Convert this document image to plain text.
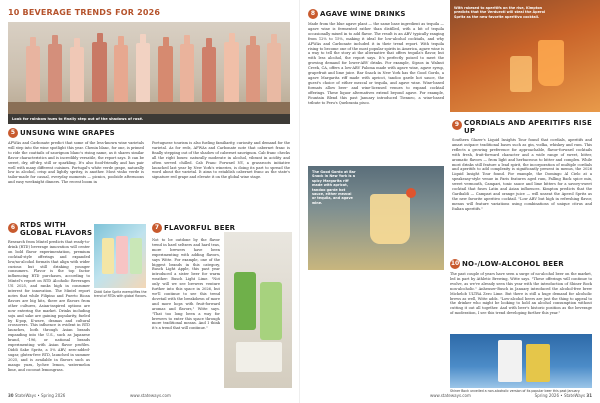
10 BEVERAGE TRENDS FOR 2026
Look for rainbow hues to finally step out of the shadows of rosé.
5 UNSUNG WINE GRAPES
AFWAs and Carbonate predict that some of the less-known wine varietals will step into the wine spotlight this year. Chenin blanc, for one, is primed to ride the coattails of sauvignon blanc's rising name, as it shares similar flavor characteristics and is incredibly versatile, the report says. It can be sweet, dry, off-dry, still or sparkling. It's also food-friendly and has pair well with many different cuisines. Portugal's white verde grape, naturally low in alcohol, crisp and lightly spritzy, is another. Most vinho verde is tailor-made for casual, everyday moments — picnics, poolside afternoons and easy weeknight dinners. The recent boom in
Portuguese tourism is also fueling familiarity, curiosity and demand for the varietal. As for reds, AFWAs and Carbonate note that cabernet franc is finally stepping out of the shadow of cabernet sauvignon. Cab franc checks all the right boxes: naturally moderate in alcohol, vibrant in acidity and often served chilled. Cab Franc Forward NY, a grassroots initiative launched last year by New York's wineries, is doing its part to spread the word about the varietal. It aims to establish cabernet franc as the state's signature red grape and elevate it on the global wine stage.
6 RTDS WITH GLOBAL FLAVORS
Research from Mintel predicts that ready-to-drink (RTD) beverage innovation will center on bold flavor experimentation, premium cocktail-style offerings and expanded low/no-alcohol formats that align with wider curious but still drinking younger consumers. Flavor is the top factor influencing RTD purchases, according to Mintel's report on RTD Alcoholic Beverages US 2025, and ranks high in consumer interest for innovation. The Mintel report notes that while Filipino and Puerto Rican flavors are big hits, there are flavors from other cultures, Asian-inspired options are now entering the market. Drinks including soju and sake are gaining popularity, fueled by K-pop, K-wave, dramas and cultural crossovers. This influence is evident in RTD launches, both through Asian brands expanding into the U.S., such as Japanese brand, -196, or national brands experimenting with Asian flavor profiles. Diddi Sake Spritz, a 5% ABV, zero-added-sugar, gluten-free RTD, launched in summer 2025, and is available in flavors such as mango yuzu, lychee lemon, watermelon lime, and coconut lemongrass.
Diddi Sake Spritz exemplifies the trend of RTDs with global flavors.
7 FLAVORFUL BEER
Not to be outdone by the flavor trend in hard seltzers and hard teas, more brewers have been experimenting with adding flavors, says Witte. For example, one of the biggest brands in this category, Busch Light Apple, this past year introduced a sister beer for warm weather: Busch Light Lime. "Not only will we see brewers venture further into this space in 2026, but we'll continue to see this trend dovetail with the breakdown of more and more hops with fruit-forward aromas and flavors," Witte says. "That too long been a way for brewers to enter this space through more traditional means. And I think it's a trend that will continue."
30 StateWays • Spring 2026	www.stateways.com
8 AGAVE WINE DRINKS
Made from the blue agave plant — the same base ingredient as tequila — agave wine is fermented rather than distilled, with a bit of tequila occasionally mixed in to add flavor. The result is an ABV typically ranging from 12% to 15%, making it ideal for low-alcohol cocktails, and why AFWAs and Carbonate included it in their trend report. With tequila rising to become one of the most popular spirits in America, agave wine is a way to tell the story at the alternative that offers tequila's flavor, but with less alcohol, the report says. It's perfectly poised to meet the growing demand for lower-ABV drinks. For example, Sipsos in Walnut Creek, CA, offers a low-ABV Paloma made with agave wine, agave syrup, grapefruit and lime juice. Bar Snack in New York has the Good Gordo, a agave Margarita riff made with apricot, tandoo garde hot sauce, the guest's choice of either mezcal or tequila, and agave wine. Wine-based formats allow beer- and wine-licensed venues to expand cocktail offerings. These liquor alternatives extend beyond agave. For example, Fountain Blend this past January introduced Tienneo, a wine-based tribute to Peru's Quebranta pisco.
With rakesed to aperitifs on the rise, Kimpton predicts that the Verduroti will steal the Aperol Spritz as the new favorite aperitivo cocktail.
The Good Gordo at Bar Snack in New York is a spicy Margarita riff made with apricot, tandoo garde hot sauce, either mezcal or tequila, and agave wine.
9 CORDIALS AND APERITIFS RISE UP
Southern Glazer's Liquid Insights Tour found that cordials, aperitifs and amari outpace traditional bases such as gin, vodka, whiskey and rum. This reflects a growing preference for approachable, flavor-forward cocktails with fresh, fruit-forward character and a wide range of sweet, bitter, aromatic flavors — from light and herbaceous to bitter and complex. While most drinks still feature a lead spirit, the incorporation of multiple cordials and aperitifs to add complexity is significantly present in menus, the 2026 Liquid Insight Tour found. For example, the Domingo Al Cielo at a speakeasy-style venue in Paris features aged rum, Falling Back spice mix, sweet vermouth, Campari, tonic sauce and lime bitters for a savory-sweet cocktail that fuses Latin and Asian influences. Kimpton predicts that the Garibaldi — Campari and orange juice — will unseat the Aperol Spritz as the new favorite aperitivo cocktail. "Low ABV but high in refreshing flavor, menus will feature variations using combinations of unique citrus and Italian aperitifs."
10 NO-/LOW-ALCOHOL BEER
The past couple of years have seen a surge of no-alcohol beer on the market, led in part by Athletic Brewing, Witte says. "These offerings will continue to evolve, as we've already seen this year with the introduction of Shiner Bock non-alcoholic." Anheuser-Busch in January introduced the alcohol-free brew Michelob ULTRA Zero Lime. But there is still a huge demand for alcoholic brews as well, Witte adds. "Low-alcohol beers are just the thing to appeal to the drinker who might be looking to hold an alcohol consumption without cutting it out all together. And with beer's historic position as the beverage of moderation, I see this trend developing further this year."
Shiner Bock unveiled a non-alcoholic version of its popular beer this past January.
www.stateways.com	Spring 2026 • StateWays 31
